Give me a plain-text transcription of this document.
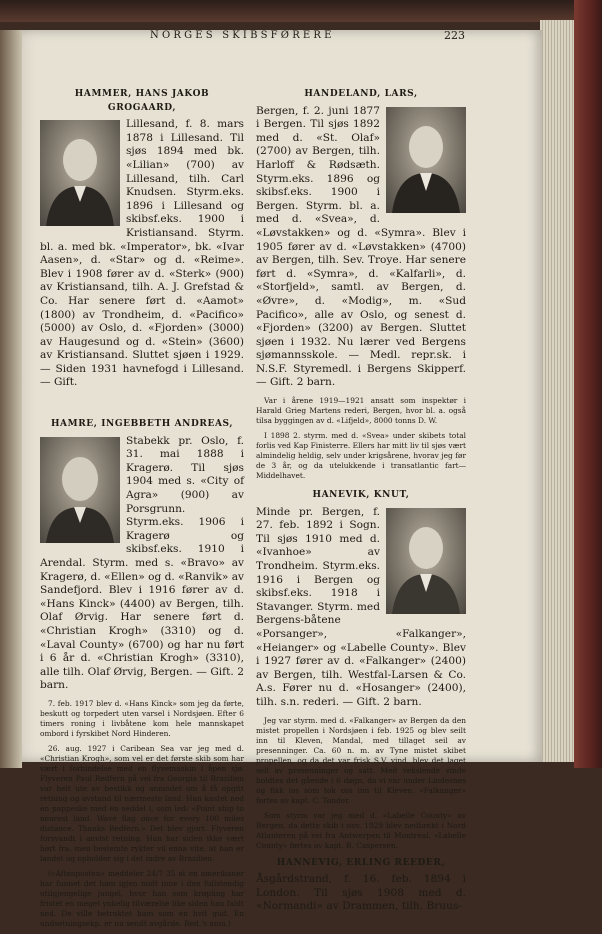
NORGES SKIBSFØRERE	223
HAMMER, HANS JAKOB GROGAARD,

Lillesand, f. 8. mars 1878 i Lillesand. Til sjøs 1894 med bk. «Lilian» (700) av Lillesand, tilh. Carl Knudsen. Styrm.eks. 1896 i Lillesand og skibsf.eks. 1900 i Kristiansand. Styrm. bl. a. med bk. «Imperator», bk. «Ivar Aasen», d. «Star» og d. «Reime». Blev i 1908 fører av d. «Sterk» (900) av Kristiansand, tilh. A. J. Grefstad & Co. Har senere ført d. «Aamot» (1800) av Trondheim, d. «Pacifico» (5000) av Oslo, d. «Fjorden» (3000) av Haugesund og d. «Stein» (3600) av Kristiansand. Sluttet sjøen i 1929. — Siden 1931 havnefogd i Lillesand. — Gift.

HAMRE, INGEBBETH ANDREAS,

Stabekk pr. Oslo, f. 31. mai 1888 i Kragerø. Til sjøs 1904 med s. «City of Agra» (900) av Porsgrunn. Styrm.eks. 1906 i Kragerø og skibsf.eks. 1910 i Arendal. Styrm. med s. «Bravo» av Kragerø, d. «Ellen» og d. «Ranvik» av Sandefjord. Blev i 1916 fører av d. «Hans Kinck» (4400) av Bergen, tilh. Olaf Ørvig. Har senere ført d. «Christian Krogh» (3310) og d. «Laval County» (6700) og har nu ført i 6 år d. «Christian Krogh» (3310), alle tilh. Olaf Ørvig, Bergen. — Gift. 2 barn.

7. feb. 1917 blev d. «Hans Kinck» som jeg da førte, beskutt og torpedert uten varsel i Nordsjøen. Efter 6 timers roning i livbåtene kom hele mannskapet ombord i fyrskibet Nord Hinderen.

26. aug. 1927 i Caribean Sea var jeg med d. «Christian Krogh», som vel er det første skib som har vært i forbindelse med en flyvemaskin i åpen sjø. Flyveren Paul Redfern på vei fra Georgia til Brazilien var helt ute av bestikk og anmodet om å få opgitt retning og avstand til nærmeste land. Han kastet ned en pappeske med en seddel i, som led: «Point ship to nearest land. Wave flag once for every 100 miles distance. Thanks Redfern.» Det blev gjort. Flyveren forsvandt i anvist retning. Han har siden ikke vært hørt fra, men bestemte rykter vil enna vite, at han er landet og opholder sig i det indre av Brazilien.

(«Aftenposten» meddeler 24/7 35 at en amerikaner har funnet det ham igjen midt inne i den fullstendig utilgjengelige jungel, hvor han som krøpling har fristet en meget ynkelig tilværelse like siden han faldt ned. De ville betraktet ham som en hvit gud. En undsetningsekp. er nu sendt avgårde. Red.'s anm.)

HANDELAND, LARS,

Bergen, f. 2. juni 1877 i Bergen. Til sjøs 1892 med d. «St. Olaf» (2700) av Bergen, tilh. Harloff & Rødsæth. Styrm.eks. 1896 og skibsf.eks. 1900 i Bergen. Styrm. bl. a. med d. «Svea», d. «Løvstakken» og d. «Symra». Blev i 1905 fører av d. «Løvstakken» (4700) av Bergen, tilh. Sev. Troye. Har senere ført d. «Symra», d. «Kalfarli», d. «Storfjeld», samtl. av Bergen, d. «Øvre», d. «Modig», m. «Sud Pacifico», alle av Oslo, og senest d. «Fjorden» (3200) av Bergen. Sluttet sjøen i 1932. Nu lærer ved Bergens sjømannsskole. — Medl. repr.sk. i N.S.F. Styremedl. i Bergens Skipperf. — Gift. 2 barn.

Var i årene 1919—1921 ansatt som inspektør i Harald Grieg Martens rederi, Bergen, hvor bl. a. også tilsa byggingen av d. «Lifjeld», 8000 tonns D. W.

I 1898 2. styrm. med d. «Svea» under skibets total forlis ved Kap Finisterre. Ellers har mitt liv til sjøs vært almindelig heldig, selv under krigsårene, hvorav jeg før de 3 år, og da utelukkende i transatlantic fart—Middelhavet.

HANEVIK, KNUT,

Minde pr. Bergen, f. 27. feb. 1892 i Sogn. Til sjøs 1910 med d. «Ivanhoe» av Trondheim. Styrm.eks. 1916 i Bergen og skibsf.eks. 1918 i Stavanger. Styrm. med Bergens-båtene «Porsanger», «Falkanger», «Heianger» og «Labelle County». Blev i 1927 fører av d. «Falkanger» (2400) av Bergen, tilh. Westfal-Larsen & Co. A.s. Fører nu d. «Hosanger» (2400), tilh. s.n. rederi. — Gift. 2 barn.

Jeg var styrm. med d. «Falkanger» av Bergen da den mistet propellen i Nordsjøen i feb. 1925 og blev seilt inn til Kleven, Mandal, med tillaget seil av presenninger. Ca. 60 n. m. av Tyne mistet skibet propellen, og da det var frisk S.V. vind, blev det laget seil av presenninger og satt. Med vekslende vinde holdtes det gående i 6 døgn, da vi var under Lindesnes og fikk los som tok oss inn til Kleven. «Falkanger» førtes av kapt. C. Tønder.

Som styrm var jeg med d. «Labelle County» av Bergen, da dette skib i nov. 1929 blev nedbrekt i Nord Atlanteren på vei fra Antwerpen til Montreal. «Labelle County» førtes av kapt. B. Caspersen.

HANNEVIG, ERLING REEDER,

Åsgårdstrand, f. 16. feb. 1894 i London. Til sjøs 1908 med d. «Normandi» av Drammen, tilh. Bruus-
